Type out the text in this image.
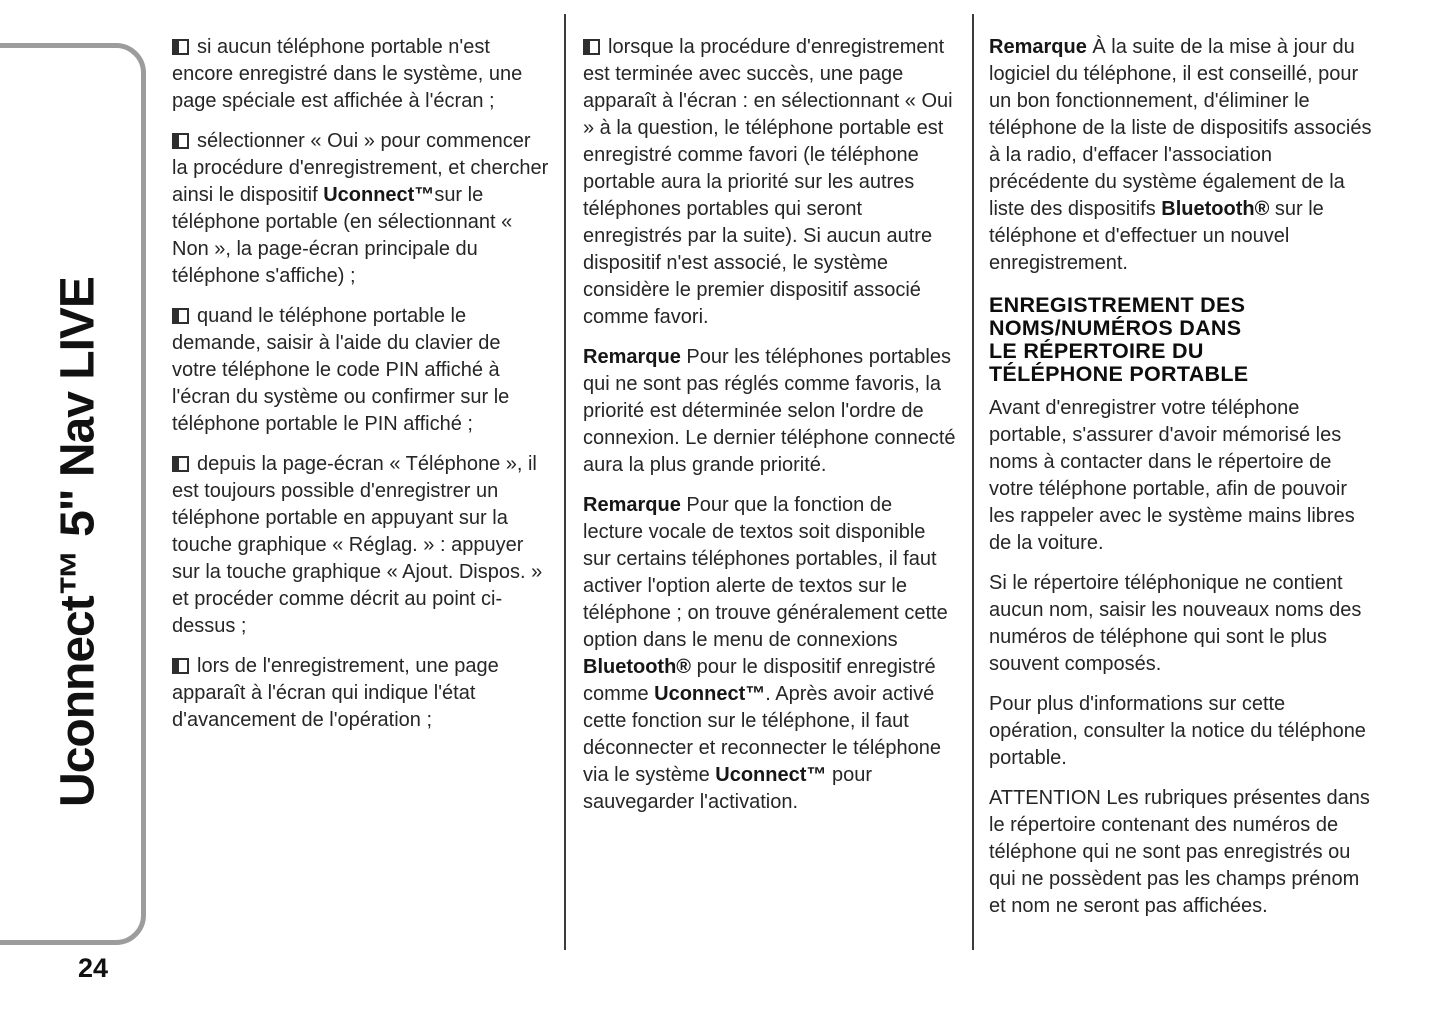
Uconnect™ 5" Nav LIVE
24

si aucun téléphone portable n'est encore enregistré dans le système, une page spéciale est affichée à l'écran ;

sélectionner « Oui » pour commencer la procédure d'enregistrement, et chercher ainsi le dispositif Uconnect™sur le téléphone portable (en sélectionnant « Non », la page-écran principale du téléphone s'affiche) ;

quand le téléphone portable le demande, saisir à l'aide du clavier de votre téléphone le code PIN affiché à l'écran du système ou confirmer sur le téléphone portable le PIN affiché ;

depuis la page-écran « Téléphone », il est toujours possible d'enregistrer un téléphone portable en appuyant sur la touche graphique « Réglag. » : appuyer sur la touche graphique « Ajout. Dispos. » et procéder comme décrit au point ci-dessus ;

lors de l'enregistrement, une page apparaît à l'écran qui indique l'état d'avancement de l'opération ;

lorsque la procédure d'enregistrement est terminée avec succès, une page apparaît à l'écran : en sélectionnant « Oui » à la question, le téléphone portable est enregistré comme favori (le téléphone portable aura la priorité sur les autres téléphones portables qui seront enregistrés par la suite). Si aucun autre dispositif n'est associé, le système considère le premier dispositif associé comme favori.

Remarque Pour les téléphones portables qui ne sont pas réglés comme favoris, la priorité est déterminée selon l'ordre de connexion. Le dernier téléphone connecté aura la plus grande priorité.

Remarque Pour que la fonction de lecture vocale de textos soit disponible sur certains téléphones portables, il faut activer l'option alerte de textos sur le téléphone ; on trouve généralement cette option dans le menu de connexions Bluetooth® pour le dispositif enregistré comme Uconnect™. Après avoir activé cette fonction sur le téléphone, il faut déconnecter et reconnecter le téléphone via le système Uconnect™ pour sauvegarder l'activation.

Remarque À la suite de la mise à jour du logiciel du téléphone, il est conseillé, pour un bon fonctionnement, d'éliminer le téléphone de la liste de dispositifs associés à la radio, d'effacer l'association précédente du système également de la liste des dispositifs Bluetooth® sur le téléphone et d'effectuer un nouvel enregistrement.

ENREGISTREMENT DES
NOMS/NUMÉROS DANS
LE RÉPERTOIRE DU
TÉLÉPHONE PORTABLE

Avant d'enregistrer votre téléphone portable, s'assurer d'avoir mémorisé les noms à contacter dans le répertoire de votre téléphone portable, afin de pouvoir les rappeler avec le système mains libres de la voiture.

Si le répertoire téléphonique ne contient aucun nom, saisir les nouveaux noms des numéros de téléphone qui sont le plus souvent composés.

Pour plus d'informations sur cette opération, consulter la notice du téléphone portable.

ATTENTION Les rubriques présentes dans le répertoire contenant des numéros de téléphone qui ne sont pas enregistrés ou qui ne possèdent pas les champs prénom et nom ne seront pas affichées.
